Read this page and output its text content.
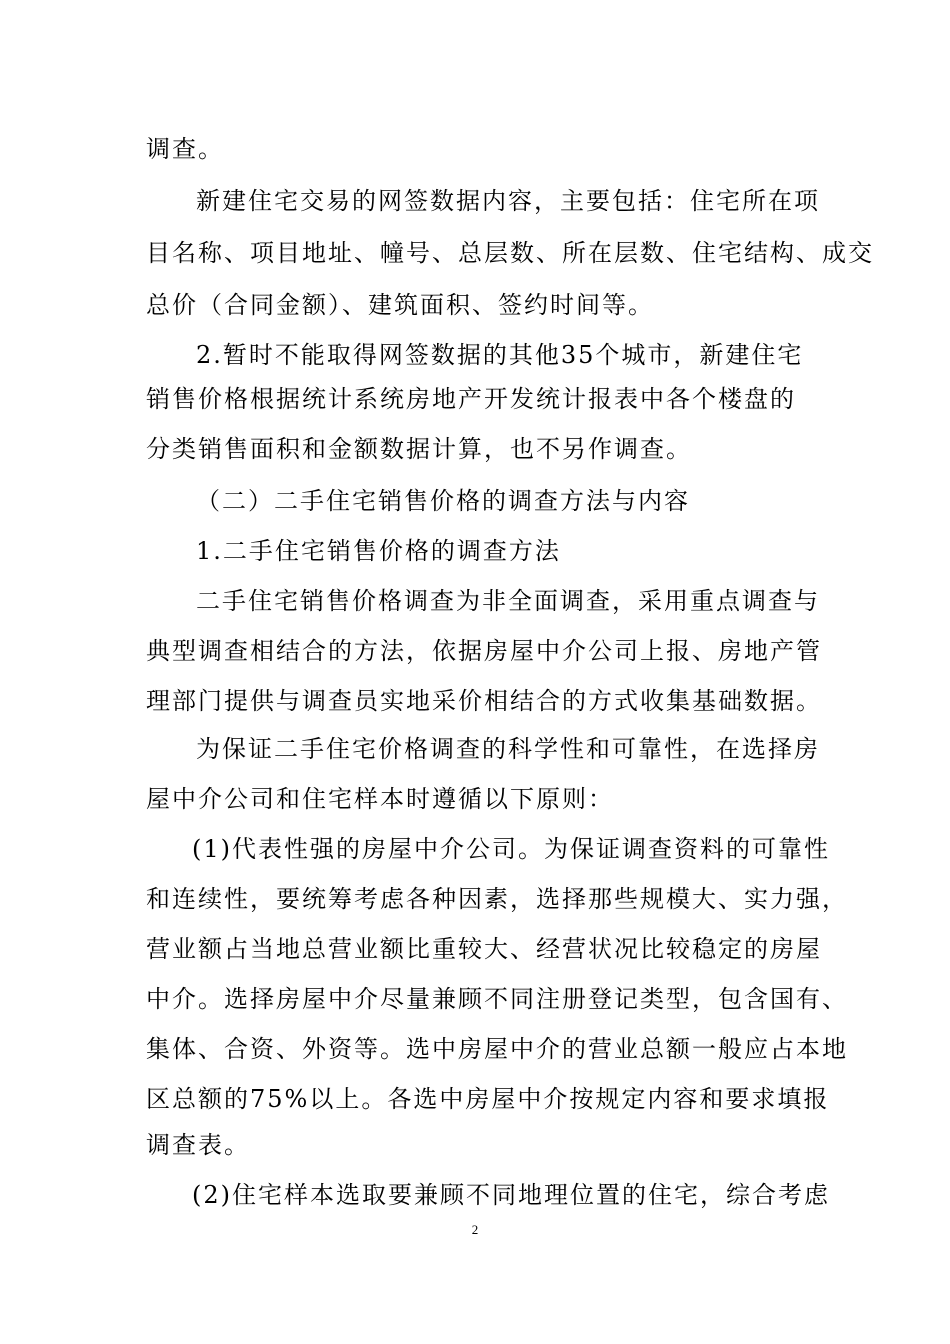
调查。
新建住宅交易的网签数据内容，主要包括：住宅所在项
目名称、项目地址、幢号、总层数、所在层数、住宅结构、成交
总价（合同金额）、建筑面积、签约时间等。
2.暂时不能取得网签数据的其他35个城市，新建住宅
销售价格根据统计系统房地产开发统计报表中各个楼盘的
分类销售面积和金额数据计算，也不另作调查。
（二）二手住宅销售价格的调查方法与内容
1.二手住宅销售价格的调查方法
二手住宅销售价格调查为非全面调查，采用重点调查与
典型调查相结合的方法，依据房屋中介公司上报、房地产管
理部门提供与调查员实地采价相结合的方式收集基础数据。
为保证二手住宅价格调查的科学性和可靠性，在选择房
屋中介公司和住宅样本时遵循以下原则：
(1)代表性强的房屋中介公司。为保证调查资料的可靠性
和连续性，要统筹考虑各种因素，选择那些规模大、实力强，
营业额占当地总营业额比重较大、经营状况比较稳定的房屋
中介。选择房屋中介尽量兼顾不同注册登记类型，包含国有、
集体、合资、外资等。选中房屋中介的营业总额一般应占本地
区总额的75%以上。各选中房屋中介按规定内容和要求填报
调查表。
(2)住宅样本选取要兼顾不同地理位置的住宅，综合考虑
2
